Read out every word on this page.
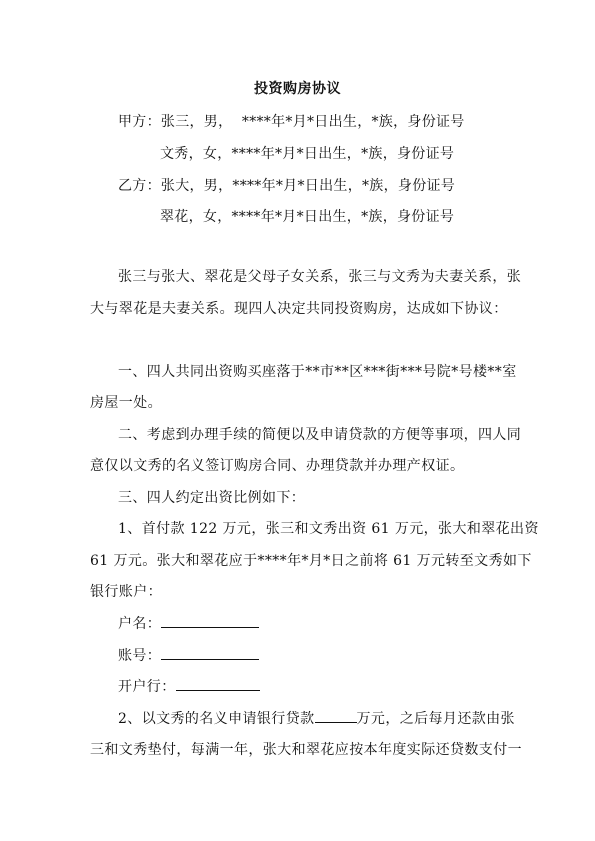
投资购房协议
甲方：张三，男，  ****年*月*日出生，*族，身份证号
文秀，女，****年*月*日出生，*族，身份证号
乙方：张大，男，****年*月*日出生，*族，身份证号
翠花，女，****年*月*日出生，*族，身份证号
张三与张大、翠花是父母子女关系，张三与文秀为夫妻关系，张
大与翠花是夫妻关系。现四人决定共同投资购房，达成如下协议：
一、四人共同出资购买座落于**市**区***街***号院*号楼**室
房屋一处。
二、考虑到办理手续的简便以及申请贷款的方便等事项，四人同
意仅以文秀的名义签订购房合同、办理贷款并办理产权证。
三、四人约定出资比例如下：
1、首付款 122 万元，张三和文秀出资 61 万元，张大和翠花出资
61 万元。张大和翠花应于****年*月*日之前将 61 万元转至文秀如下
银行账户：
户名：
账号：
开户行：
2、以文秀的名义申请银行贷款	万元，之后每月还款由张
三和文秀垫付，每满一年，张大和翠花应按本年度实际还贷数支付一
